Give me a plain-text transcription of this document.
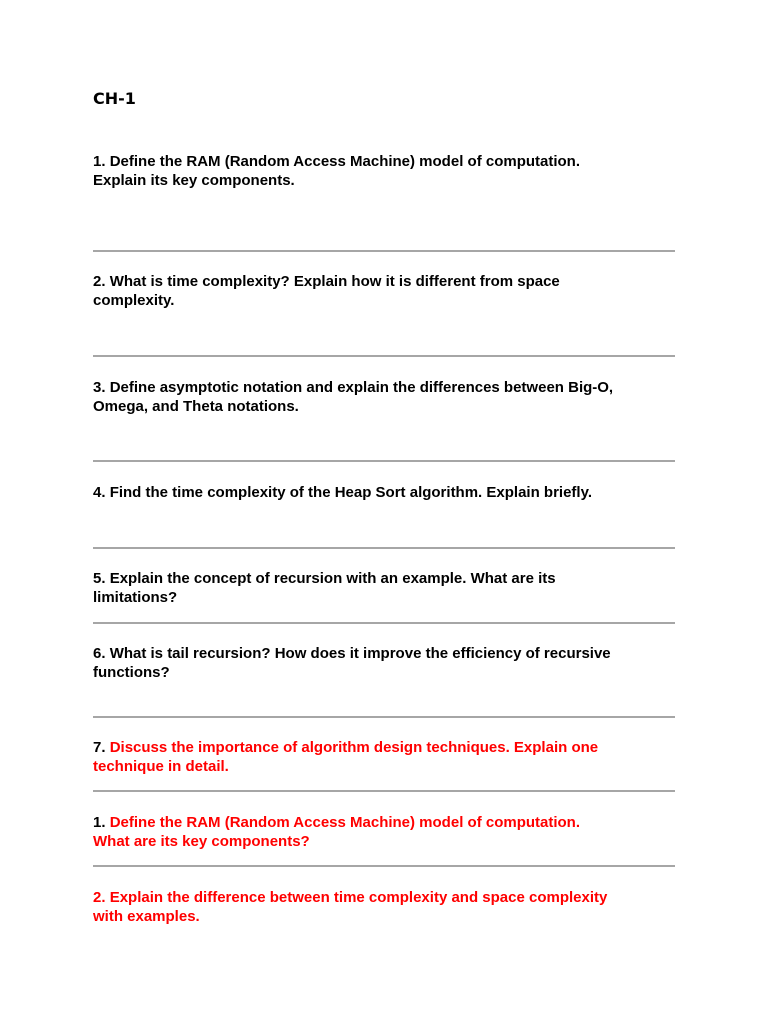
CH-1
1. Define the RAM (Random Access Machine) model of computation.
Explain its key components.
2. What is time complexity? Explain how it is different from space
complexity.
3. Define asymptotic notation and explain the differences between Big-O,
Omega, and Theta notations.
4. Find the time complexity of the Heap Sort algorithm. Explain briefly.
5. Explain the concept of recursion with an example. What are its
limitations?
6. What is tail recursion? How does it improve the efficiency of recursive
functions?
7. Discuss the importance of algorithm design techniques. Explain one
technique in detail.
1. Define the RAM (Random Access Machine) model of computation.
What are its key components?
2. Explain the difference between time complexity and space complexity
with examples.
